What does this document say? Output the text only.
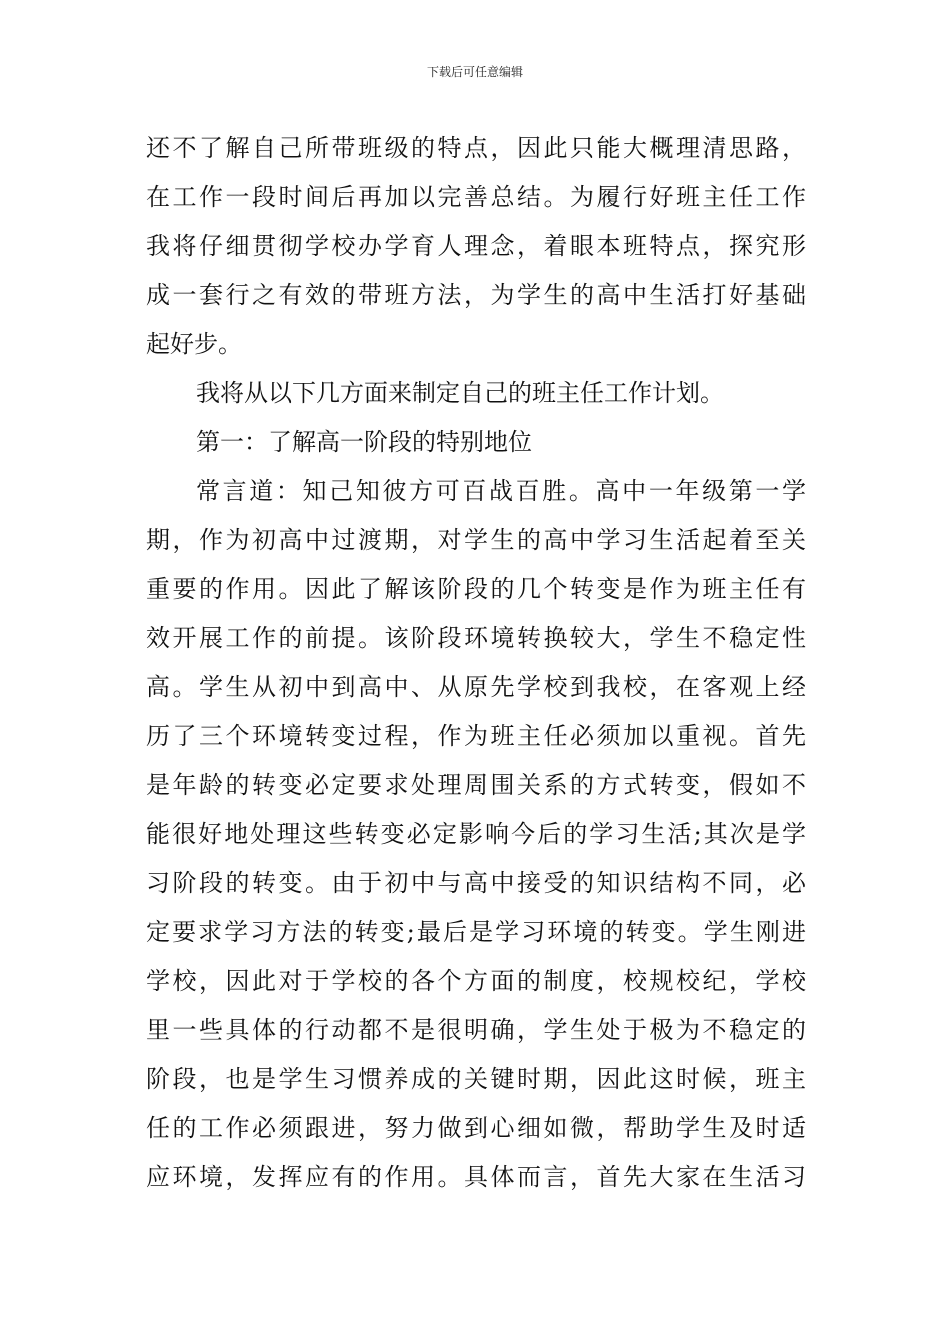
下载后可任意编辑
还不了解自己所带班级的特点，因此只能大概理清思路，
在工作一段时间后再加以完善总结。为履行好班主任工作
我将仔细贯彻学校办学育人理念，着眼本班特点，探究形
成一套行之有效的带班方法，为学生的高中生活打好基础
起好步。
我将从以下几方面来制定自己的班主任工作计划。
第一：了解高一阶段的特别地位
常言道：知己知彼方可百战百胜。高中一年级第一学
期，作为初高中过渡期，对学生的高中学习生活起着至关
重要的作用。因此了解该阶段的几个转变是作为班主任有
效开展工作的前提。该阶段环境转换较大，学生不稳定性
高。学生从初中到高中、从原先学校到我校，在客观上经
历了三个环境转变过程，作为班主任必须加以重视。首先
是年龄的转变必定要求处理周围关系的方式转变，假如不
能很好地处理这些转变必定影响今后的学习生活;其次是学
习阶段的转变。由于初中与高中接受的知识结构不同，必
定要求学习方法的转变;最后是学习环境的转变。学生刚进
学校，因此对于学校的各个方面的制度，校规校纪，学校
里一些具体的行动都不是很明确，学生处于极为不稳定的
阶段，也是学生习惯养成的关键时期，因此这时候，班主
任的工作必须跟进，努力做到心细如微，帮助学生及时适
应环境，发挥应有的作用。具体而言，首先大家在生活习
